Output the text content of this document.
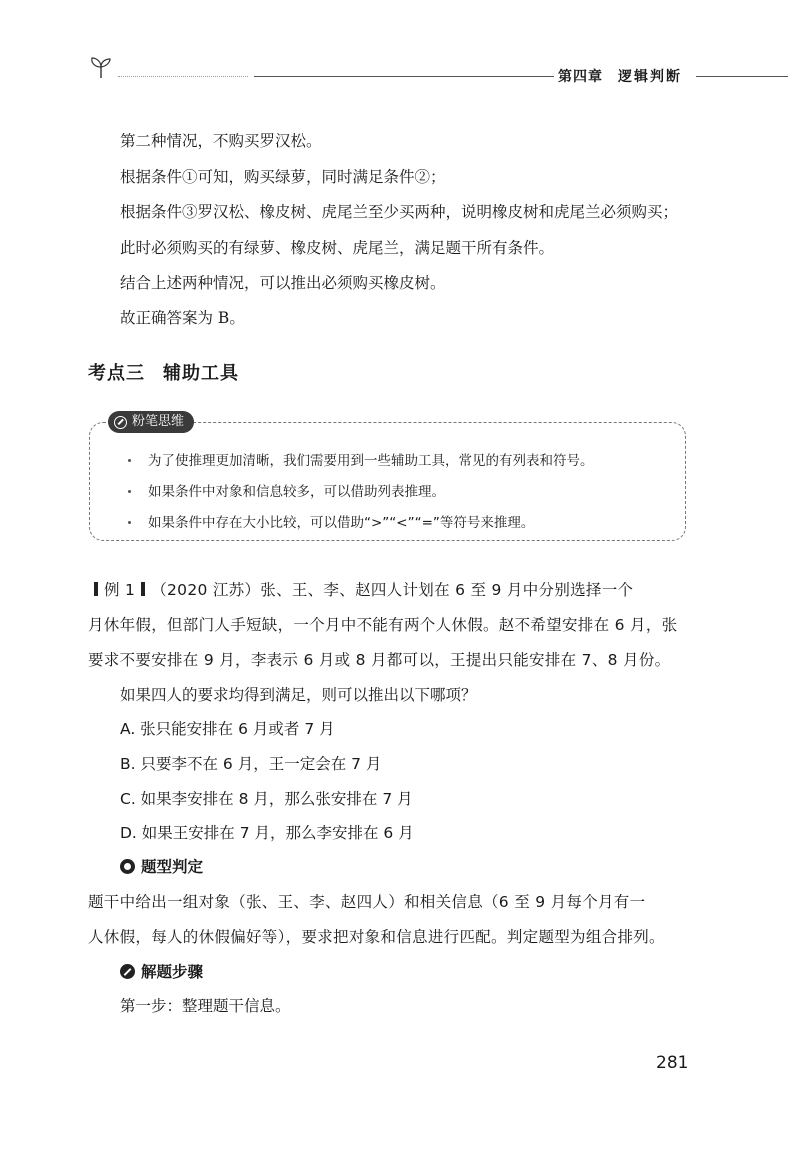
第四章 逻辑判断
第二种情况，不购买罗汉松。
根据条件①可知，购买绿萝，同时满足条件②；
根据条件③罗汉松、橡皮树、虎尾兰至少买两种，说明橡皮树和虎尾兰必须购买；
此时必须购买的有绿萝、橡皮树、虎尾兰，满足题干所有条件。
结合上述两种情况，可以推出必须购买橡皮树。
故正确答案为 B。
考点三 辅助工具
粉笔思维
为了使推理更加清晰，我们需要用到一些辅助工具，常见的有列表和符号。
如果条件中对象和信息较多，可以借助列表推理。
如果条件中存在大小比较，可以借助“>”“<”“=”等符号来推理。
例 1 （2020 江苏）张、王、李、赵四人计划在 6 至 9 月中分别选择一个
月休年假，但部门人手短缺，一个月中不能有两个人休假。赵不希望安排在 6 月，张
要求不要安排在 9 月，李表示 6 月或 8 月都可以，王提出只能安排在 7、8 月份。
如果四人的要求均得到满足，则可以推出以下哪项？
A. 张只能安排在 6 月或者 7 月
B. 只要李不在 6 月，王一定会在 7 月
C. 如果李安排在 8 月，那么张安排在 7 月
D. 如果王安排在 7 月，那么李安排在 6 月
题型判定
题干中给出一组对象（张、王、李、赵四人）和相关信息（6 至 9 月每个月有一
人休假，每人的休假偏好等），要求把对象和信息进行匹配。判定题型为组合排列。
解题步骤
第一步：整理题干信息。
281
